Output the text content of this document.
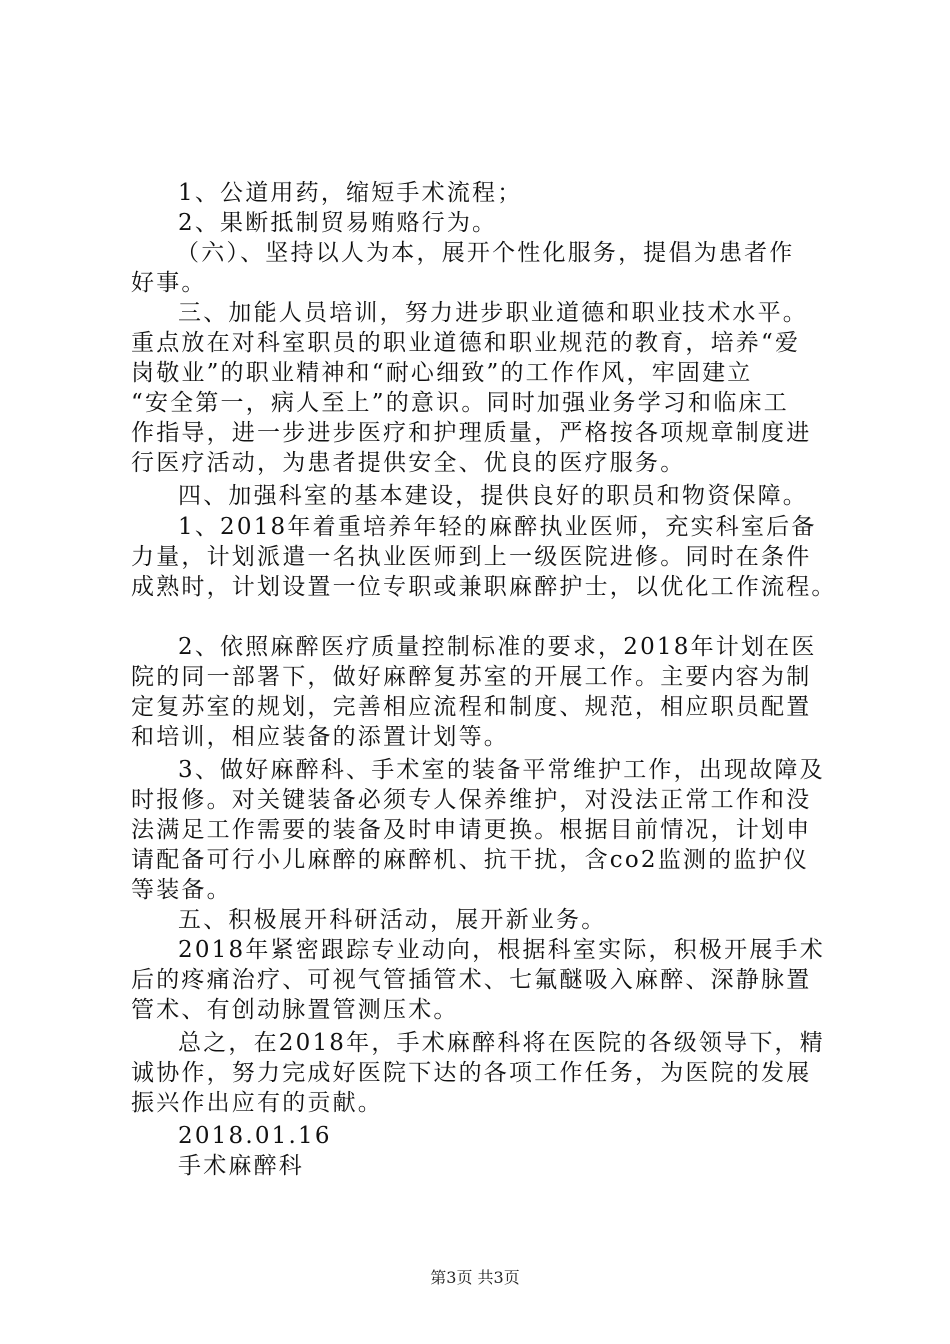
1、公道用药，缩短手术流程；

2、果断抵制贸易贿赂行为。

（六）、坚持以人为本，展开个性化服务，提倡为患者作

好事。

三、加能人员培训，努力进步职业道德和职业技术水平。

重点放在对科室职员的职业道德和职业规范的教育，培养“爱

岗敬业”的职业精神和“耐心细致”的工作作风，牢固建立

“安全第一，病人至上”的意识。同时加强业务学习和临床工

作指导，进一步进步医疗和护理质量，严格按各项规章制度进

行医疗活动，为患者提供安全、优良的医疗服务。

四、加强科室的基本建设，提供良好的职员和物资保障。

1、2018年着重培养年轻的麻醉执业医师，充实科室后备

力量，计划派遣一名执业医师到上一级医院进修。同时在条件

成熟时，计划设置一位专职或兼职麻醉护士，以优化工作流程。

2、依照麻醉医疗质量控制标准的要求，2018年计划在医

院的同一部署下，做好麻醉复苏室的开展工作。主要内容为制

定复苏室的规划，完善相应流程和制度、规范，相应职员配置

和培训，相应装备的添置计划等。

3、做好麻醉科、手术室的装备平常维护工作，出现故障及

时报修。对关键装备必须专人保养维护，对没法正常工作和没

法满足工作需要的装备及时申请更换。根据目前情况，计划申

请配备可行小儿麻醉的麻醉机、抗干扰，含co2监测的监护仪

等装备。

五、积极展开科研活动，展开新业务。

2018年紧密跟踪专业动向，根据科室实际，积极开展手术

后的疼痛治疗、可视气管插管术、七氟醚吸入麻醉、深静脉置

管术、有创动脉置管测压术。

总之，在2018年，手术麻醉科将在医院的各级领导下，精

诚协作，努力完成好医院下达的各项工作任务，为医院的发展

振兴作出应有的贡献。

2018.01.16

手术麻醉科

第3页 共3页
